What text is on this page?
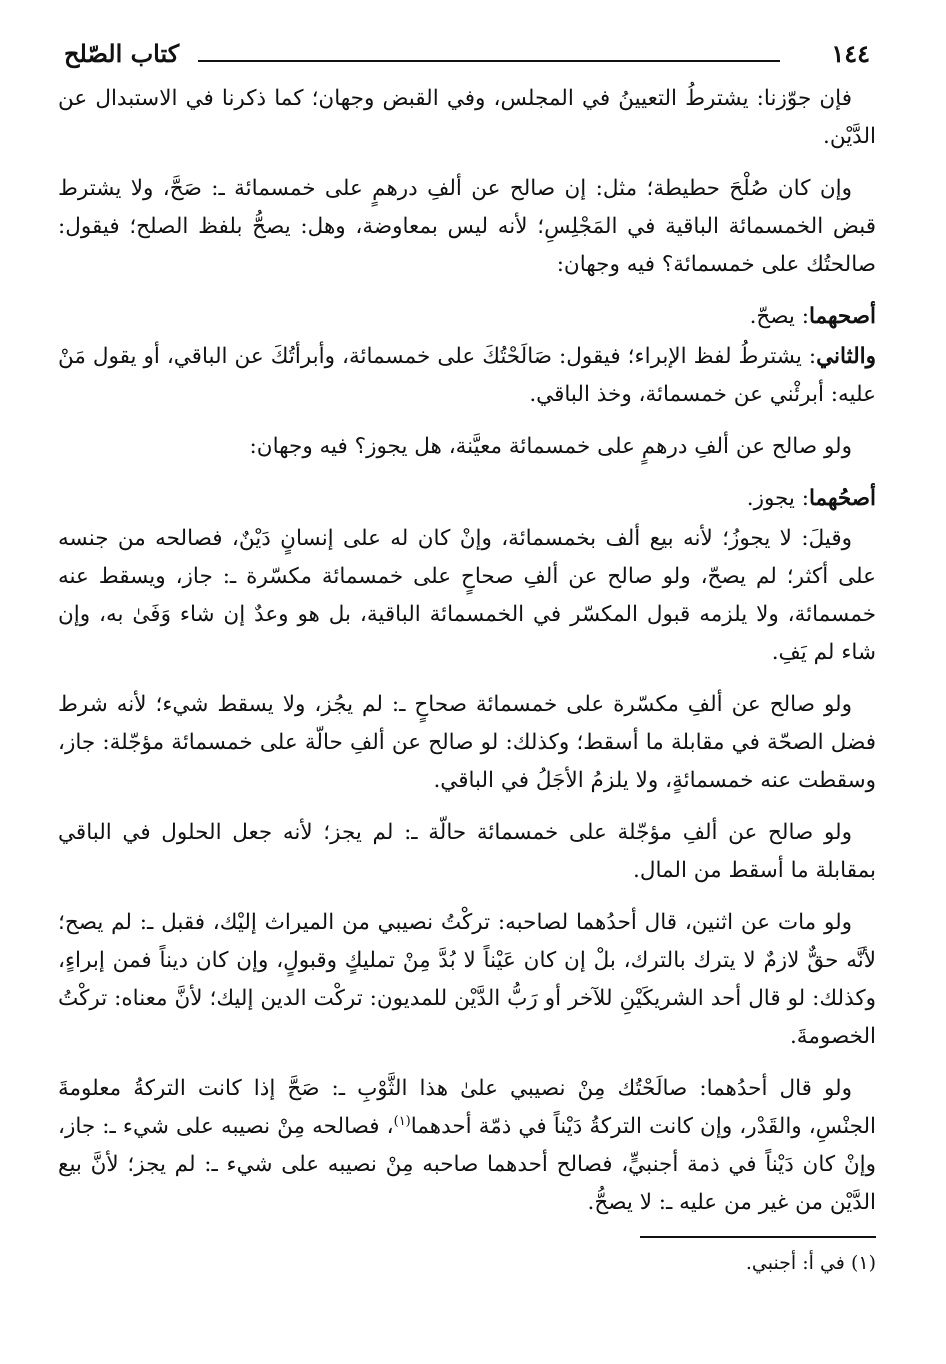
١٤٤
كتاب الصّلح

فإن جوّزنا: يشترطُ التعيينُ في المجلس، وفي القبض وجهان؛ كما ذكرنا في الاستبدال عن الدَّيْن.

وإن كان صُلْحَ حطيطة؛ مثل: إن صالح عن ألفِ درهمٍ على خمسمائة ـ: صَحَّ، ولا يشترط قبض الخمسمائة الباقية في المَجْلِسِ؛ لأنه ليس بمعاوضة، وهل: يصحُّ بلفظ الصلح؛ فيقول: صالحتُك على خمسمائة؟ فيه وجهان:

أصحهما: يصحّ.

والثاني: يشترطُ لفظ الإبراء؛ فيقول: صَالَحْتُكَ على خمسمائة، وأبرأتُكَ عن الباقي، أو يقول مَنْ عليه: أبرئْني عن خمسمائة، وخذ الباقي.

ولو صالح عن ألفِ درهمٍ على خمسمائة معيَّنة، هل يجوز؟ فيه وجهان:

أصحُهما: يجوز.

وقيلَ: لا يجوزُ؛ لأنه بيع ألف بخمسمائة، وإنْ كان له على إنسانٍ دَيْنٌ، فصالحه من جنسه على أكثر؛ لم يصحّ، ولو صالح عن ألفِ صحاحٍ على خمسمائة مكسّرة ـ: جاز، ويسقط عنه خمسمائة، ولا يلزمه قبول المكسّر في الخمسمائة الباقية، بل هو وعدٌ إن شاء وَفَىٰ به، وإن شاء لم يَفِ.

ولو صالح عن ألفِ مكسّرة على خمسمائة صحاحٍ ـ: لم يجُز، ولا يسقط شيء؛ لأنه شرط فضل الصحّة في مقابلة ما أسقط؛ وكذلك: لو صالح عن ألفِ حالّة على خمسمائة مؤجّلة: جاز، وسقطت عنه خمسمائةٍ، ولا يلزمُ الأجَلُ في الباقي.

ولو صالح عن ألفِ مؤجّلة على خمسمائة حالّة ـ: لم يجز؛ لأنه جعل الحلول في الباقي بمقابلة ما أسقط من المال.

ولو مات عن اثنين، قال أحدُهما لصاحبه: تركْتُ نصيبي من الميراث إليْك، فقبل ـ: لم يصح؛ لأنَّه حقٌّ لازمٌ لا يترك بالترك، بلْ إن كان عَيْناً لا بُدَّ مِنْ تمليكٍ وقبولٍ، وإن كان ديناً فمن إبراءٍ، وكذلك: لو قال أحد الشريكَيْنِ للآخر أو رَبُّ الدَّيْن للمديون: تركْت الدين إليك؛ لأنَّ معناه: تركْتُ الخصومةَ.

ولو قال أحدُهما: صالَحْتُك مِنْ نصيبي علىٰ هذا الثَّوْبِ ـ: صَحَّ إذا كانت التركةُ معلومةَ الجنْسِ، والقَدْر، وإن كانت التركةُ دَيْناً في ذمّة أحدهما$^{(١)}$، فصالحه مِنْ نصيبه على شيء ـ: جاز، وإنْ كان دَيْناً في ذمة أجنبيٍّ، فصالح أحدهما صاحبه مِنْ نصيبه على شيء ـ: لم يجز؛ لأنَّ بيع الدَّيْن من غير من عليه ـ: لا يصحُّ.

(١) في أ: أجنبي.
